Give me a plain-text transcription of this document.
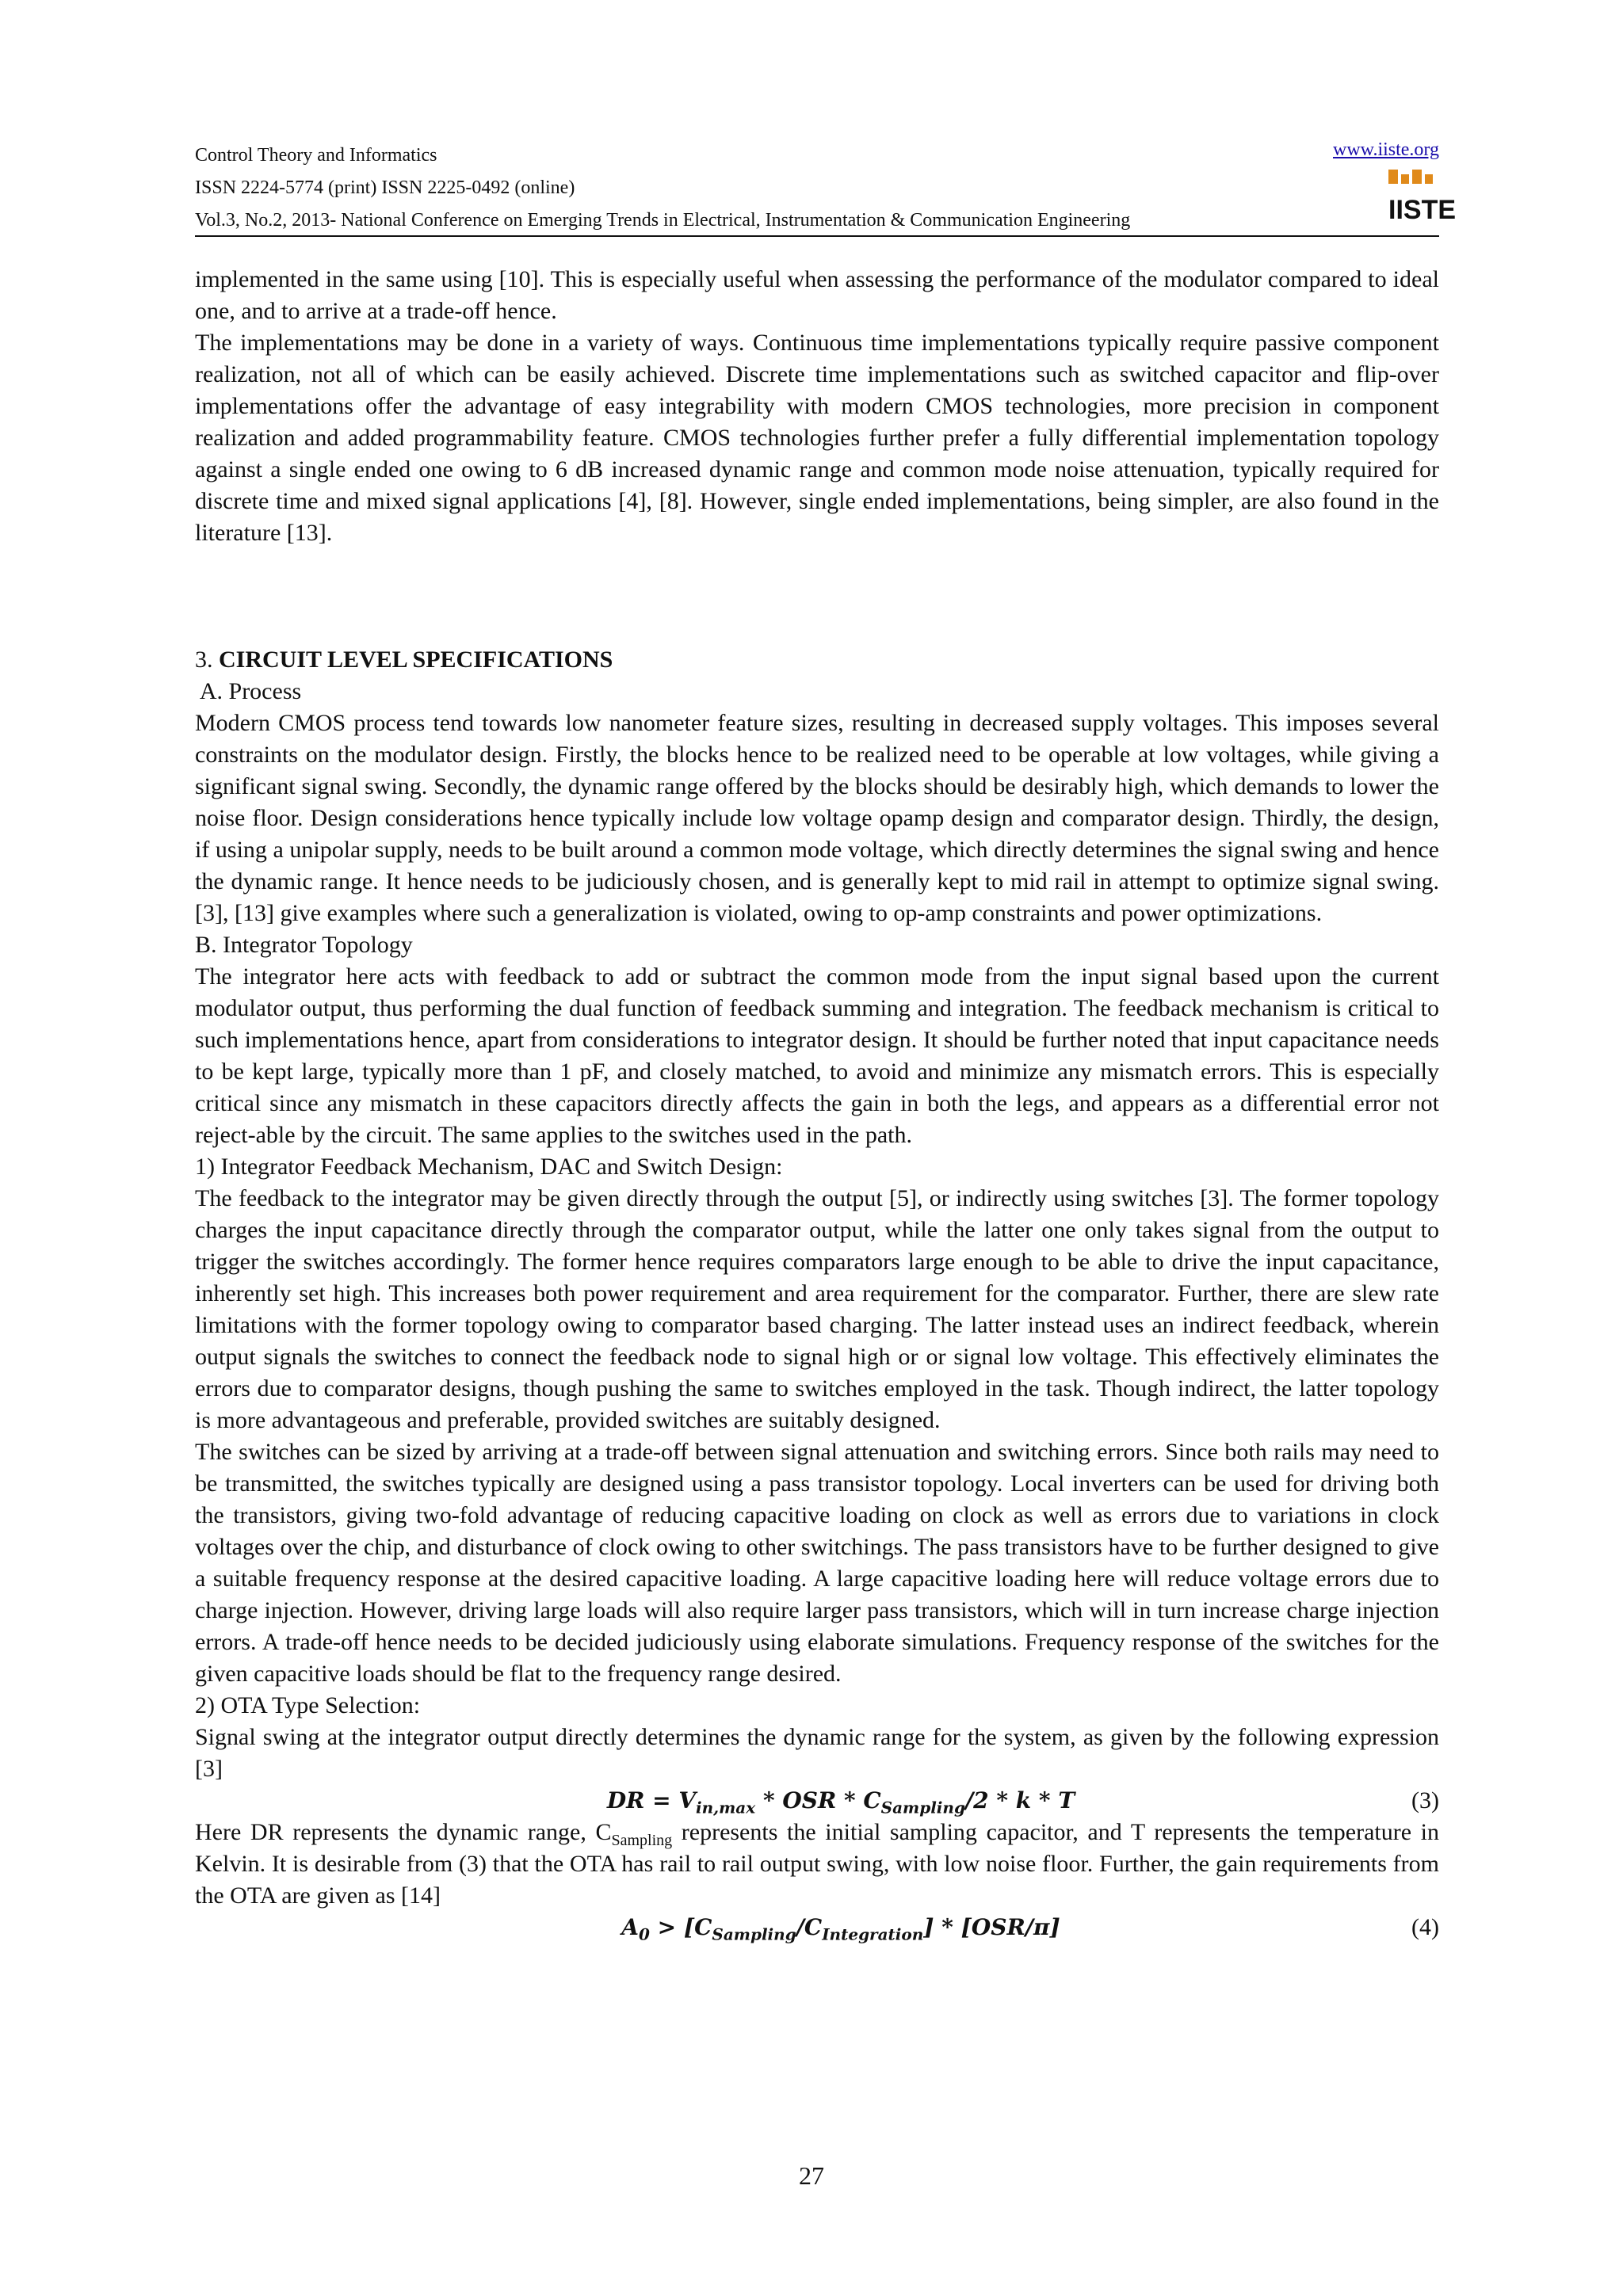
Control Theory and Informatics
ISSN 2224-5774 (print) ISSN 2225-0492 (online)
Vol.3, No.2, 2013- National Conference on Emerging Trends in Electrical, Instrumentation & Communication Engineering
www.iiste.org
IISTE

implemented in the same using [10]. This is especially useful when assessing the performance of the modulator compared to ideal one, and to arrive at a trade-off hence.

The implementations may be done in a variety of ways. Continuous time implementations typically require passive component realization, not all of which can be easily achieved. Discrete time implementations such as switched capacitor and flip-over implementations offer the advantage of easy integrability with modern CMOS technologies, more precision in component realization and added programmability feature. CMOS technologies further prefer a fully differential implementation topology against a single ended one owing to 6 dB increased dynamic range and common mode noise attenuation, typically required for discrete time and mixed signal applications [4], [8]. However, single ended implementations, being simpler, are also found in the literature [13].

3. CIRCUIT LEVEL SPECIFICATIONS

A. Process

Modern CMOS process tend towards low nanometer feature sizes, resulting in decreased supply voltages. This imposes several constraints on the modulator design. Firstly, the blocks hence to be realized need to be operable at low voltages, while giving a significant signal swing. Secondly, the dynamic range offered by the blocks should be desirably high, which demands to lower the noise floor. Design considerations hence typically include low voltage opamp design and comparator design. Thirdly, the design, if using a unipolar supply, needs to be built around a common mode voltage, which directly determines the signal swing and hence the dynamic range. It hence needs to be judiciously chosen, and is generally kept to mid rail in attempt to optimize signal swing. [3], [13] give examples where such a generalization is violated, owing to op-amp constraints and power optimizations.

B. Integrator Topology

The integrator here acts with feedback to add or subtract the common mode from the input signal based upon the current modulator output, thus performing the dual function of feedback summing and integration. The feedback mechanism is critical to such implementations hence, apart from considerations to integrator design. It should be further noted that input capacitance needs to be kept large, typically more than 1 pF, and closely matched, to avoid and minimize any mismatch errors. This is especially critical since any mismatch in these capacitors directly affects the gain in both the legs, and appears as a differential error not reject-able by the circuit. The same applies to the switches used in the path.

1) Integrator Feedback Mechanism, DAC and Switch Design:

The feedback to the integrator may be given directly through the output [5], or indirectly using switches [3]. The former topology charges the input capacitance directly through the comparator output, while the latter one only takes signal from the output to trigger the switches accordingly. The former hence requires comparators large enough to be able to drive the input capacitance, inherently set high. This increases both power requirement and area requirement for the comparator. Further, there are slew rate limitations with the former topology owing to comparator based charging. The latter instead uses an indirect feedback, wherein output signals the switches to connect the feedback node to signal high or or signal low voltage. This effectively eliminates the errors due to comparator designs, though pushing the same to switches employed in the task. Though indirect, the latter topology is more advantageous and preferable, provided switches are suitably designed.

The switches can be sized by arriving at a trade-off between signal attenuation and switching errors. Since both rails may need to be transmitted, the switches typically are designed using a pass transistor topology. Local inverters can be used for driving both the transistors, giving two-fold advantage of reducing capacitive loading on clock as well as errors due to variations in clock voltages over the chip, and disturbance of clock owing to other switchings. The pass transistors have to be further designed to give a suitable frequency response at the desired capacitive loading. A large capacitive loading here will reduce voltage errors due to charge injection. However, driving large loads will also require larger pass transistors, which will in turn increase charge injection errors. A trade-off hence needs to be decided judiciously using elaborate simulations. Frequency response of the switches for the given capacitive loads should be flat to the frequency range desired.

2) OTA Type Selection:

Signal swing at the integrator output directly determines the dynamic range for the system, as given by the following expression [3]

DR = $V_{in,max}$ * OSR * $C_{Sampling}/2$ * k * T	(3)

Here DR represents the dynamic range, $C_{Sampling}$ represents the initial sampling capacitor, and T represents the temperature in Kelvin. It is desirable from (3) that the OTA has rail to rail output swing, with low noise floor. Further, the gain requirements from the OTA are given as [14]

$A_0 > [C_{Sampling}/C_{Integration}] * [OSR/\pi]$	(4)
27
